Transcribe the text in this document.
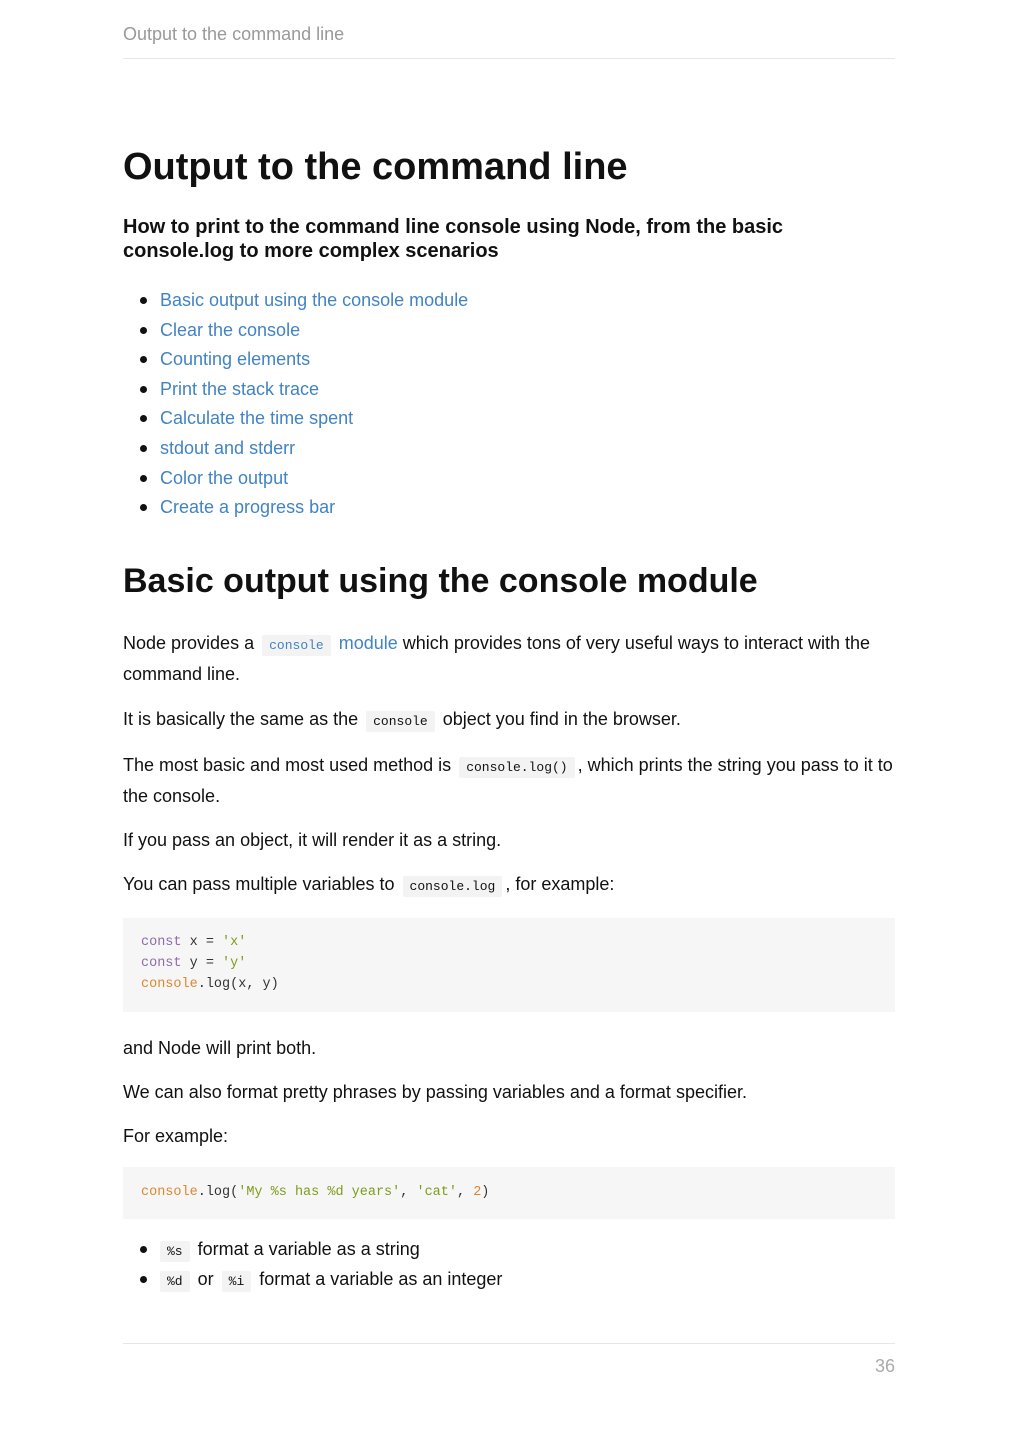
Output to the command line
Output to the command line
How to print to the command line console using Node, from the basic console.log to more complex scenarios
Basic output using the console module
Clear the console
Counting elements
Print the stack trace
Calculate the time spent
stdout and stderr
Color the output
Create a progress bar
Basic output using the console module

Node provides a console module which provides tons of very useful ways to interact with the command line.

It is basically the same as the console object you find in the browser.

The most basic and most used method is console.log() , which prints the string you pass to it to the console.

If you pass an object, it will render it as a string.

You can pass multiple variables to console.log , for example:

const x = 'x'
const y = 'y'
console.log(x, y)

and Node will print both.

We can also format pretty phrases by passing variables and a format specifier.

For example:

console.log('My %s has %d years', 'cat', 2)
%s format a variable as a string
%d or %i format a variable as an integer
36
